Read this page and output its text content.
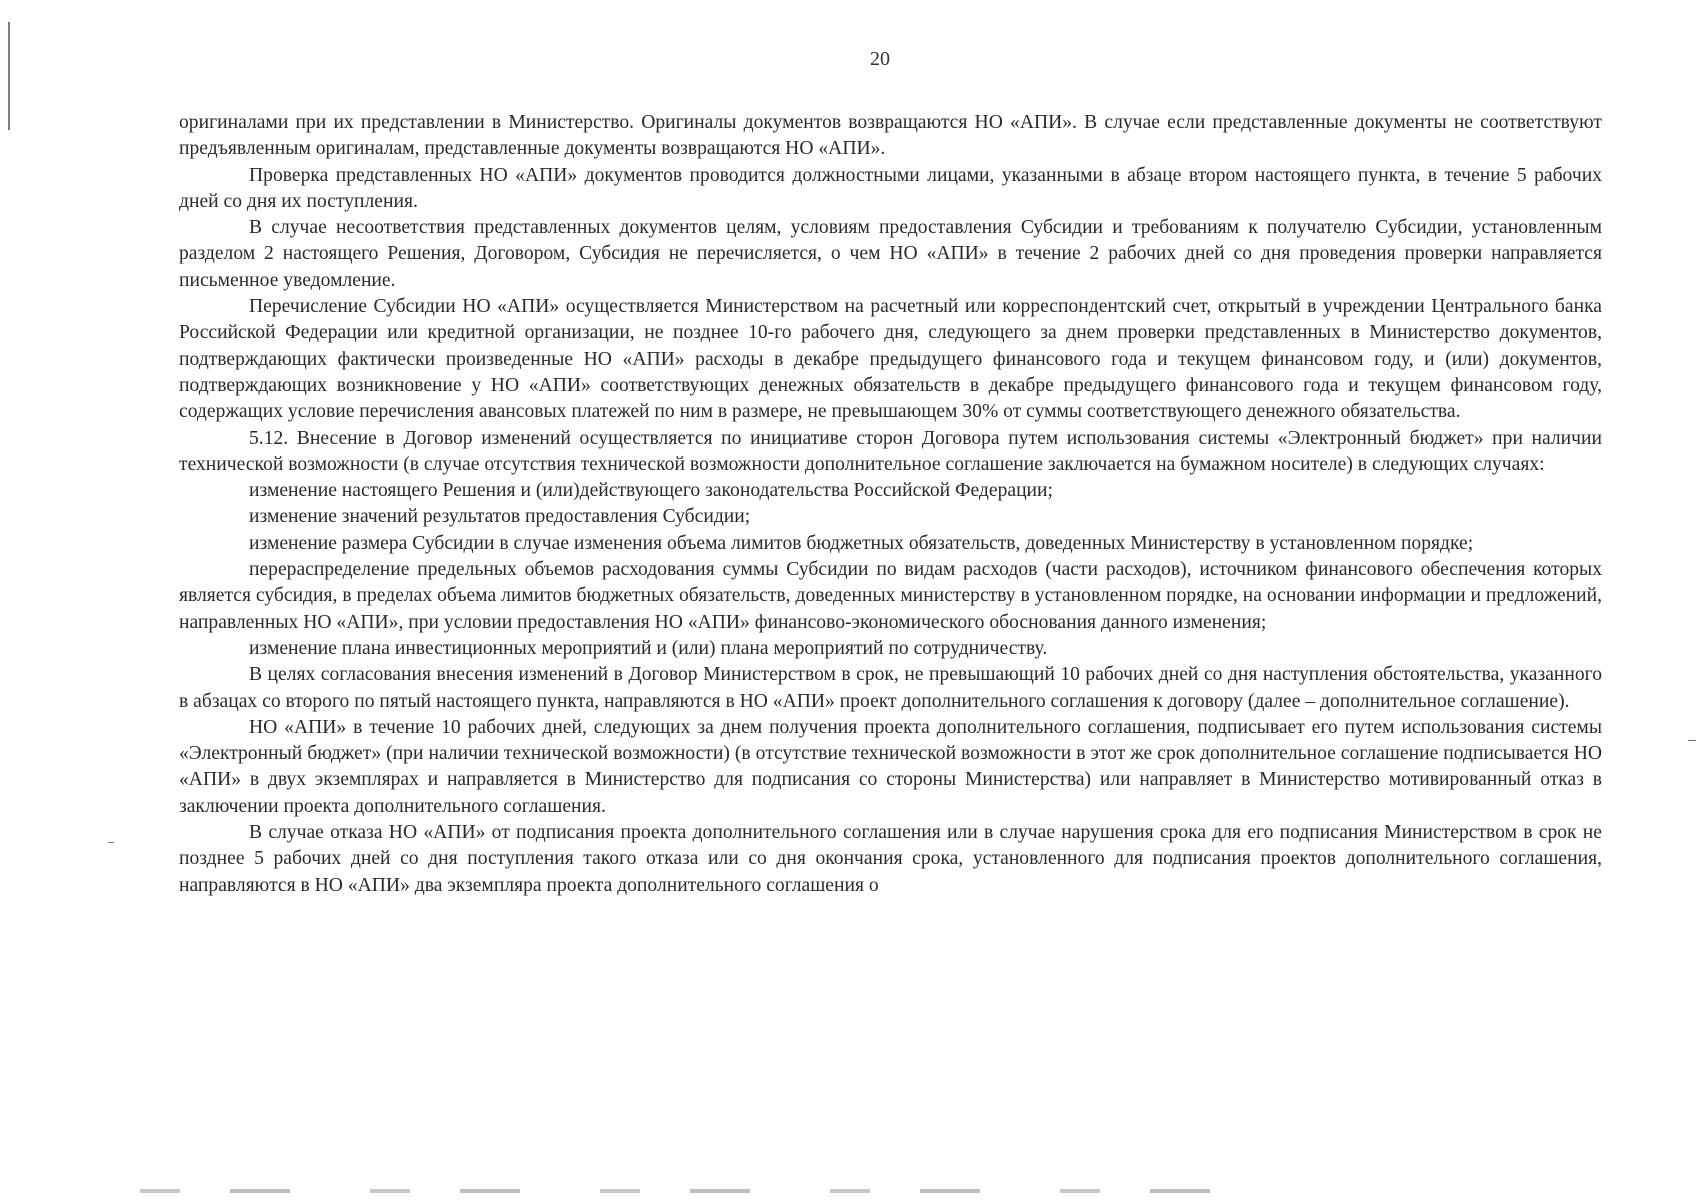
20

оригиналами при их представлении в Министерство. Оригиналы документов возвращаются НО «АПИ». В случае если представленные документы не соответствуют предъявленным оригиналам, представленные документы возвращаются НО «АПИ».

Проверка представленных НО «АПИ» документов проводится должностными лицами, указанными в абзаце втором настоящего пункта, в течение 5 рабочих дней со дня их поступления.

В случае несоответствия представленных документов целям, условиям предоставления Субсидии и требованиям к получателю Субсидии, установленным разделом 2 настоящего Решения, Договором, Субсидия не перечисляется, о чем НО «АПИ» в течение 2 рабочих дней со дня проведения проверки направляется письменное уведомление.

Перечисление Субсидии НО «АПИ» осуществляется Министерством на расчетный или корреспондентский счет, открытый в учреждении Центрального банка Российской Федерации или кредитной организации, не позднее 10-го рабочего дня, следующего за днем проверки представленных в Министерство документов, подтверждающих фактически произведенные НО «АПИ» расходы в декабре предыдущего финансового года и текущем финансовом году, и (или) документов, подтверждающих возникновение у НО «АПИ» соответствующих денежных обязательств в декабре предыдущего финансового года и текущем финансовом году, содержащих условие перечисления авансовых платежей по ним в размере, не превышающем 30% от суммы соответствующего денежного обязательства.

5.12. Внесение в Договор изменений осуществляется по инициативе сторон Договора путем использования системы «Электронный бюджет» при наличии технической возможности (в случае отсутствия технической возможности дополнительное соглашение заключается на бумажном носителе) в следующих случаях:

изменение настоящего Решения и (или)действующего законодательства Российской Федерации;

изменение значений результатов предоставления Субсидии;

изменение размера Субсидии в случае изменения объема лимитов бюджетных обязательств, доведенных Министерству в установленном порядке;

перераспределение предельных объемов расходования суммы Субсидии по видам расходов (части расходов), источником финансового обеспечения которых является субсидия, в пределах объема лимитов бюджетных обязательств, доведенных министерству в установленном порядке, на основании информации и предложений, направленных НО «АПИ», при условии предоставления НО «АПИ» финансово-экономического обоснования данного изменения;

изменение плана инвестиционных мероприятий и (или) плана мероприятий по сотрудничеству.

В целях согласования внесения изменений в Договор Министерством в срок, не превышающий 10 рабочих дней со дня наступления обстоятельства, указанного в абзацах со второго по пятый настоящего пункта, направляются в НО «АПИ» проект дополнительного соглашения к договору (далее – дополнительное соглашение).

НО «АПИ» в течение 10 рабочих дней, следующих за днем получения проекта дополнительного соглашения, подписывает его путем использования системы «Электронный бюджет» (при наличии технической возможности) (в отсутствие технической возможности в этот же срок дополнительное соглашение подписывается НО «АПИ» в двух экземплярах и направляется в Министерство для подписания со стороны Министерства) или направляет в Министерство мотивированный отказ в заключении проекта дополнительного соглашения.

В случае отказа НО «АПИ» от подписания проекта дополнительного соглашения или в случае нарушения срока для его подписания Министерством в срок не позднее 5 рабочих дней со дня поступления такого отказа или со дня окончания срока, установленного для подписания проектов дополнительного соглашения, направляются в НО «АПИ» два экземпляра проекта дополнительного соглашения о
